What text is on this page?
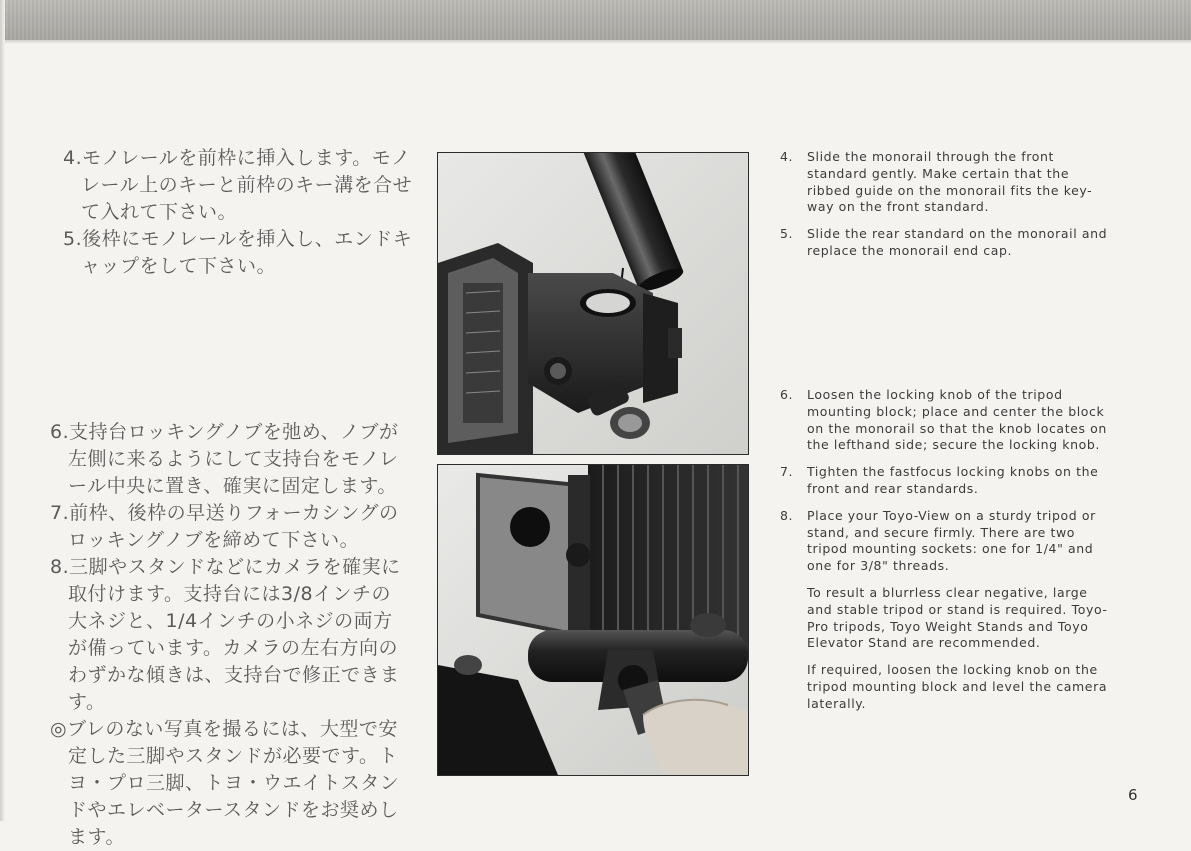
4.モノレールを前枠に挿入します。モノレール上のキーと前枠のキー溝を合せて入れて下さい。
5.後枠にモノレールを挿入し、エンドキャップをして下さい。
6.支持台ロッキングノブを弛め、ノブが左側に来るようにして支持台をモノレール中央に置き、確実に固定します。
7.前枠、後枠の早送りフォーカシングのロッキングノブを締めて下さい。
8.三脚やスタンドなどにカメラを確実に取付けます。支持台には3/8インチの大ネジと、1/4インチの小ネジの両方が備っています。カメラの左右方向のわずかな傾きは、支持台で修正できます。
◎ブレのない写真を撮るには、大型で安定した三脚やスタンドが必要です。トヨ・プロ三脚、トヨ・ウエイトスタンドやエレベータースタンドをお奨めします。
4. Slide the monorail through the front standard gently. Make certain that the ribbed guide on the monorail fits the key-way on the front standard.

5. Slide the rear standard on the monorail and replace the monorail end cap.

6. Loosen the locking knob of the tripod mounting block; place and center the block on the monorail so that the knob locates on the lefthand side; secure the locking knob.

7. Tighten the fastfocus locking knobs on the front and rear standards.

8. Place your Toyo-View on a sturdy tripod or stand, and secure firmly. There are two tripod mounting sockets: one for 1/4" and one for 3/8" threads.

To result a blurrless clear negative, large and stable tripod or stand is required. Toyo-Pro tripods, Toyo Weight Stands and Toyo Elevator Stand are recommended.

If required, loosen the locking knob on the tripod mounting block and level the camera laterally.

6
